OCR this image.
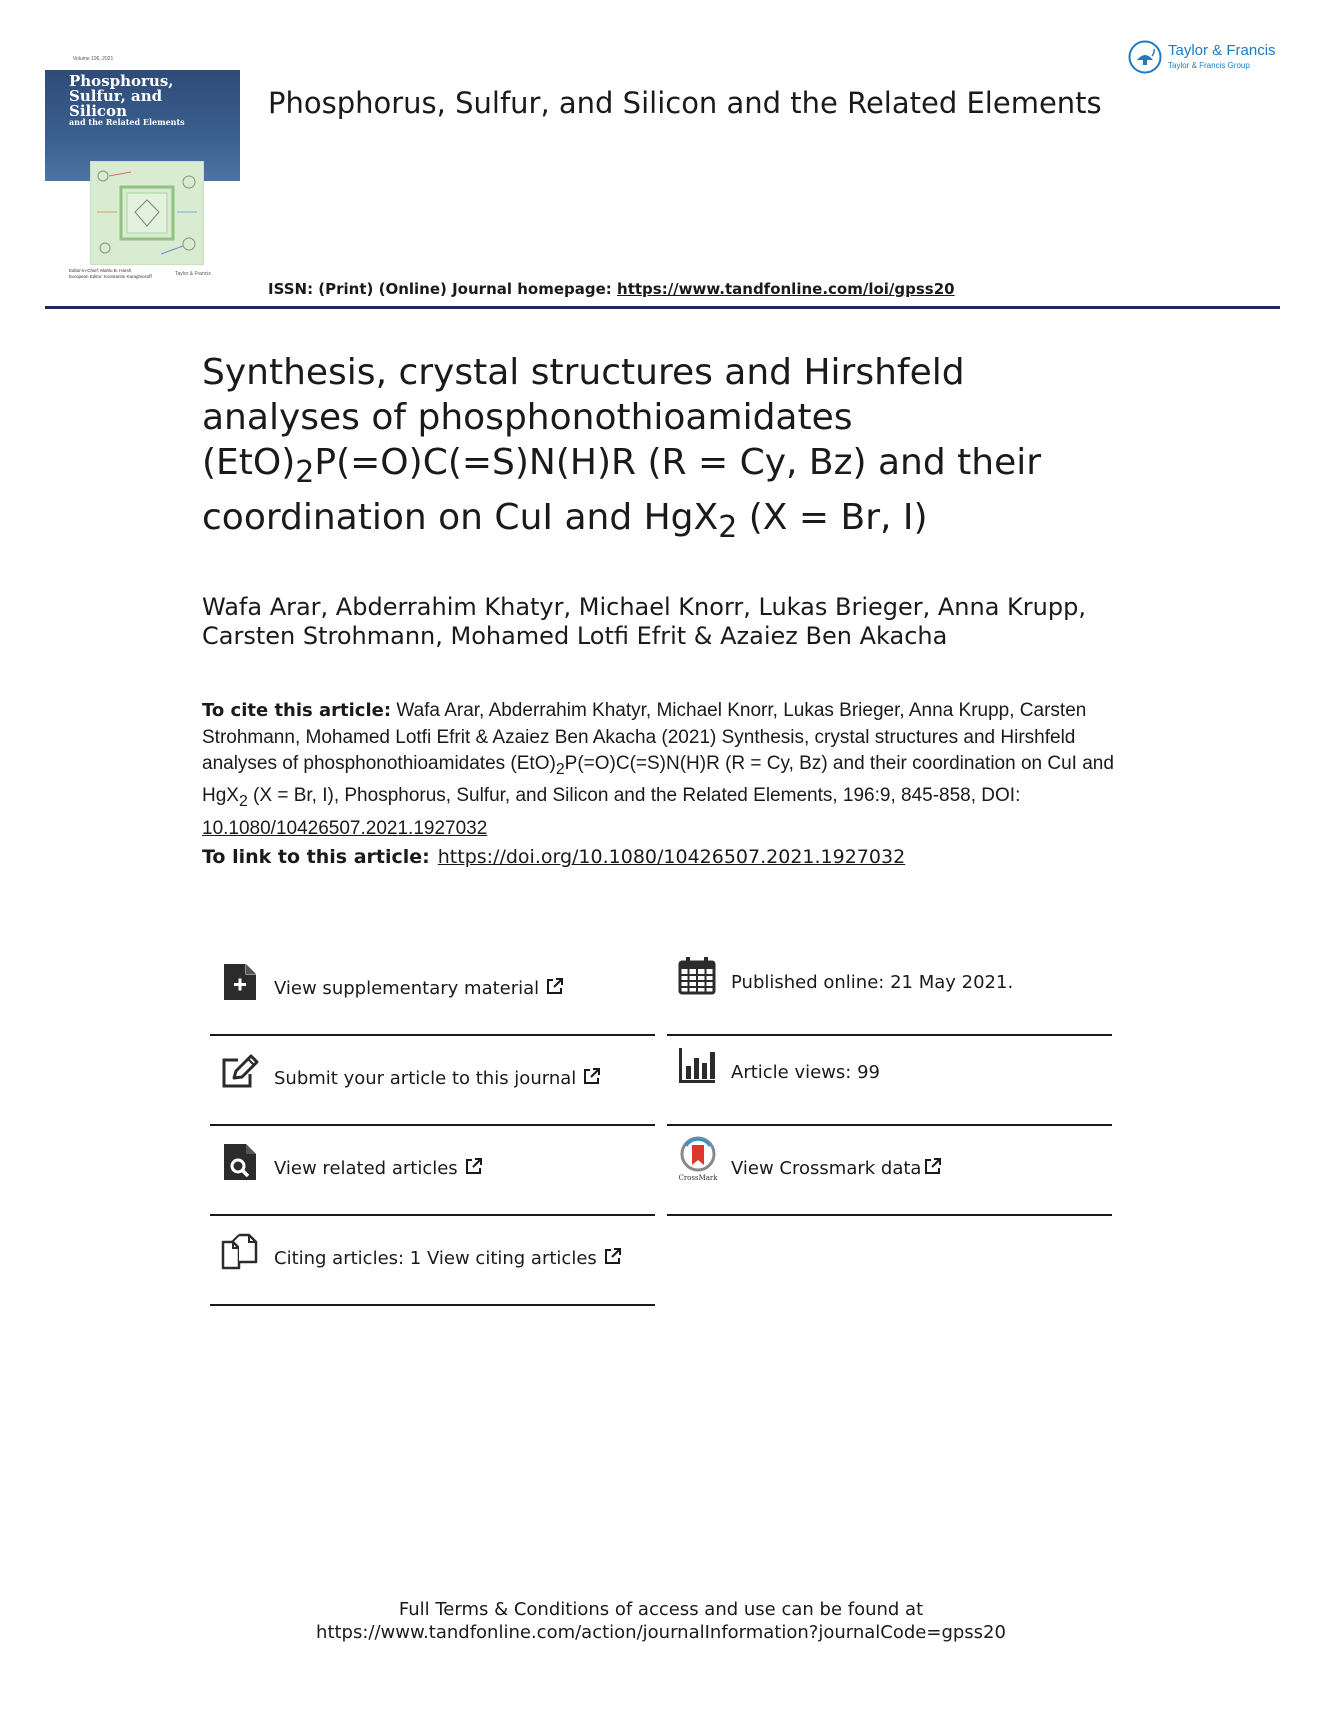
Volume 196, 2021
Phosphorus,
Sulfur, and
Silicon
and the Related Elements
Editor-in-Chief: Mahlu B. Harsh
European Editor: Konstantin Karaghiosoff	Taylor & Francis
Phosphorus, Sulfur, and Silicon and the Related Elements
Taylor & Francis
Taylor & Francis Group
ISSN: (Print) (Online) Journal homepage: https://www.tandfonline.com/loi/gpss20
Synthesis, crystal structures and Hirshfeld
analyses of phosphonothioamidates
$(EtO)_2P(=O)C(=S)N(H)R$ (R = Cy, Bz) and their
coordination on CuI and HgX$_2$ (X = Br, I)
Wafa Arar, Abderrahim Khatyr, Michael Knorr, Lukas Brieger, Anna Krupp,
Carsten Strohmann, Mohamed Lotfi Efrit & Azaiez Ben Akacha
To cite this article: Wafa Arar, Abderrahim Khatyr, Michael Knorr, Lukas Brieger, Anna Krupp, Carsten Strohmann, Mohamed Lotfi Efrit & Azaiez Ben Akacha (2021) Synthesis, crystal structures and Hirshfeld analyses of phosphonothioamidates $(EtO)_2P(=O)C(=S)N(H)R$ (R = Cy, Bz) and their coordination on CuI and HgX$_2$ (X = Br, I), Phosphorus, Sulfur, and Silicon and the Related Elements, 196:9, 845-858, DOI: 10.1080/10426507.2021.1927032
To link to this article: https://doi.org/10.1080/10426507.2021.1927032
View supplementary material
Submit your article to this journal
View related articles
Citing articles: 1 View citing articles
Published online: 21 May 2021.
Article views: 99
CrossMark View Crossmark data
Full Terms & Conditions of access and use can be found at
https://www.tandfonline.com/action/journalInformation?journalCode=gpss20
